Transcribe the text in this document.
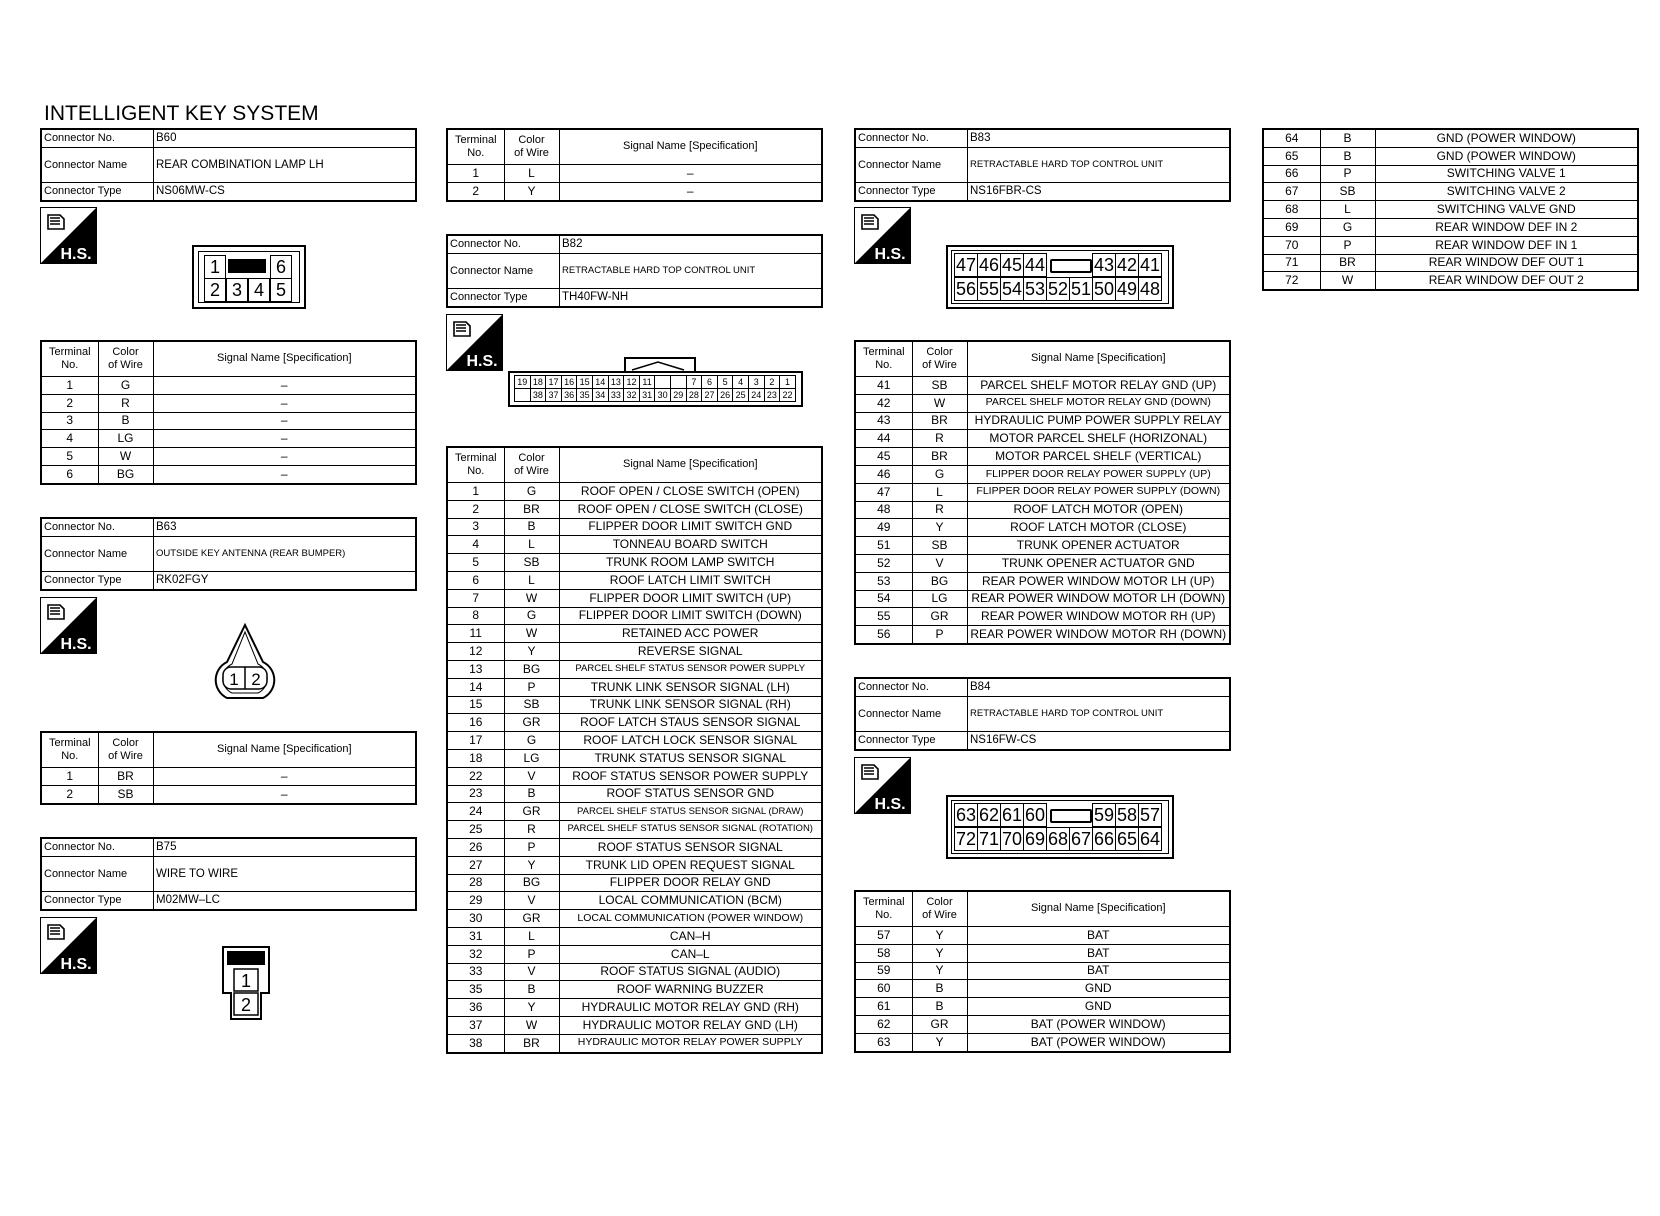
INTELLIGENT KEY SYSTEM
Connector No.	B60
Connector Name	REAR COMBINATION LAMP LH
Connector Type	NS06MW-CS
H.S.
1	6
2 3 4 5
Terminal
No.	Color
of Wire	Signal Name [Specification]
1	G	–
2	R	–
3	B	–
4	LG	–
5	W	–
6	BG	–
Connector No.	B63
Connector Name	OUTSIDE KEY ANTENNA (REAR BUMPER)
Connector Type	RK02FGY
H.S.
1 2
Terminal
No.	Color
of Wire	Signal Name [Specification]
1	BR	–
2	SB	–
Connector No.	B75
Connector Name	WIRE TO WIRE
Connector Type	M02MW–LC
H.S.
1
2
Terminal
No.	Color
of Wire	Signal Name [Specification]
1	L	–
2	Y	–
Connector No.	B82
Connector Name	RETRACTABLE HARD TOP CONTROL UNIT
Connector Type	TH40FW-NH
H.S.
19 18 17 16 15 14 13 12 11	7	6	5	4	3	2	1
38 37 36 35 34 33 32 31 30 29 28 27 26 25 24 23 22
Terminal
No.	Color
of Wire	Signal Name [Specification]
1	G	ROOF OPEN / CLOSE SWITCH (OPEN)
2	BR	ROOF OPEN / CLOSE SWITCH (CLOSE)
3	B	FLIPPER DOOR LIMIT SWITCH GND
4	L	TONNEAU BOARD SWITCH
5	SB	TRUNK ROOM LAMP SWITCH
6	L	ROOF LATCH LIMIT SWITCH
7	W	FLIPPER DOOR LIMIT SWITCH (UP)
8	G	FLIPPER DOOR LIMIT SWITCH (DOWN)
11	W	RETAINED ACC POWER
12	Y	REVERSE SIGNAL
13	BG	PARCEL SHELF STATUS SENSOR POWER SUPPLY
14	P	TRUNK LINK SENSOR SIGNAL (LH)
15	SB	TRUNK LINK SENSOR SIGNAL (RH)
16	GR	ROOF LATCH STAUS SENSOR SIGNAL
17	G	ROOF LATCH LOCK SENSOR SIGNAL
18	LG	TRUNK STATUS SENSOR SIGNAL
22	V	ROOF STATUS SENSOR POWER SUPPLY
23	B	ROOF STATUS SENSOR GND
24	GR	PARCEL SHELF STATUS SENSOR SIGNAL (DRAW)
25	R	PARCEL SHELF STATUS SENSOR SIGNAL (ROTATION)
26	P	ROOF STATUS SENSOR SIGNAL
27	Y	TRUNK LID OPEN REQUEST SIGNAL
28	BG	FLIPPER DOOR RELAY GND
29	V	LOCAL COMMUNICATION (BCM)
30	GR	LOCAL COMMUNICATION (POWER WINDOW)
31	L	CAN–H
32	P	CAN–L
33	V	ROOF STATUS SIGNAL (AUDIO)
35	B	ROOF WARNING BUZZER
36	Y	HYDRAULIC MOTOR RELAY GND (RH)
37	W	HYDRAULIC MOTOR RELAY GND (LH)
38	BR	HYDRAULIC MOTOR RELAY POWER SUPPLY
Connector No.	B83
Connector Name	RETRACTABLE HARD TOP CONTROL UNIT
Connector Type	NS16FBR-CS
H.S.
47 46 45 44	43 42 41
56 55 54 53 52 51 50 49 48
Terminal
No.	Color
of Wire	Signal Name [Specification]
41	SB	PARCEL SHELF MOTOR RELAY GND (UP)
42	W	PARCEL SHELF MOTOR RELAY GND (DOWN)
43	BR	HYDRAULIC PUMP POWER SUPPLY RELAY
44	R	MOTOR PARCEL SHELF (HORIZONAL)
45	BR	MOTOR PARCEL SHELF (VERTICAL)
46	G	FLIPPER DOOR RELAY POWER SUPPLY (UP)
47	L	FLIPPER DOOR RELAY POWER SUPPLY (DOWN)
48	R	ROOF LATCH MOTOR (OPEN)
49	Y	ROOF LATCH MOTOR (CLOSE)
51	SB	TRUNK OPENER ACTUATOR
52	V	TRUNK OPENER ACTUATOR GND
53	BG	REAR POWER WINDOW MOTOR LH (UP)
54	LG	REAR POWER WINDOW MOTOR LH (DOWN)
55	GR	REAR POWER WINDOW MOTOR RH (UP)
56	P	REAR POWER WINDOW MOTOR RH (DOWN)
Connector No.	B84
Connector Name	RETRACTABLE HARD TOP CONTROL UNIT
Connector Type	NS16FW-CS
H.S.
63 62 61 60	59 58 57
72 71 70 69 68 67 66 65 64
Terminal
No.	Color
of Wire	Signal Name [Specification]
57	Y	BAT
58	Y	BAT
59	Y	BAT
60	B	GND
61	B	GND
62	GR	BAT (POWER WINDOW)
63	Y	BAT (POWER WINDOW)
64	B	GND (POWER WINDOW)
65	B	GND (POWER WINDOW)
66	P	SWITCHING VALVE 1
67	SB	SWITCHING VALVE 2
68	L	SWITCHING VALVE GND
69	G	REAR WINDOW DEF IN 2
70	P	REAR WINDOW DEF IN 1
71	BR	REAR WINDOW DEF OUT 1
72	W	REAR WINDOW DEF OUT 2
